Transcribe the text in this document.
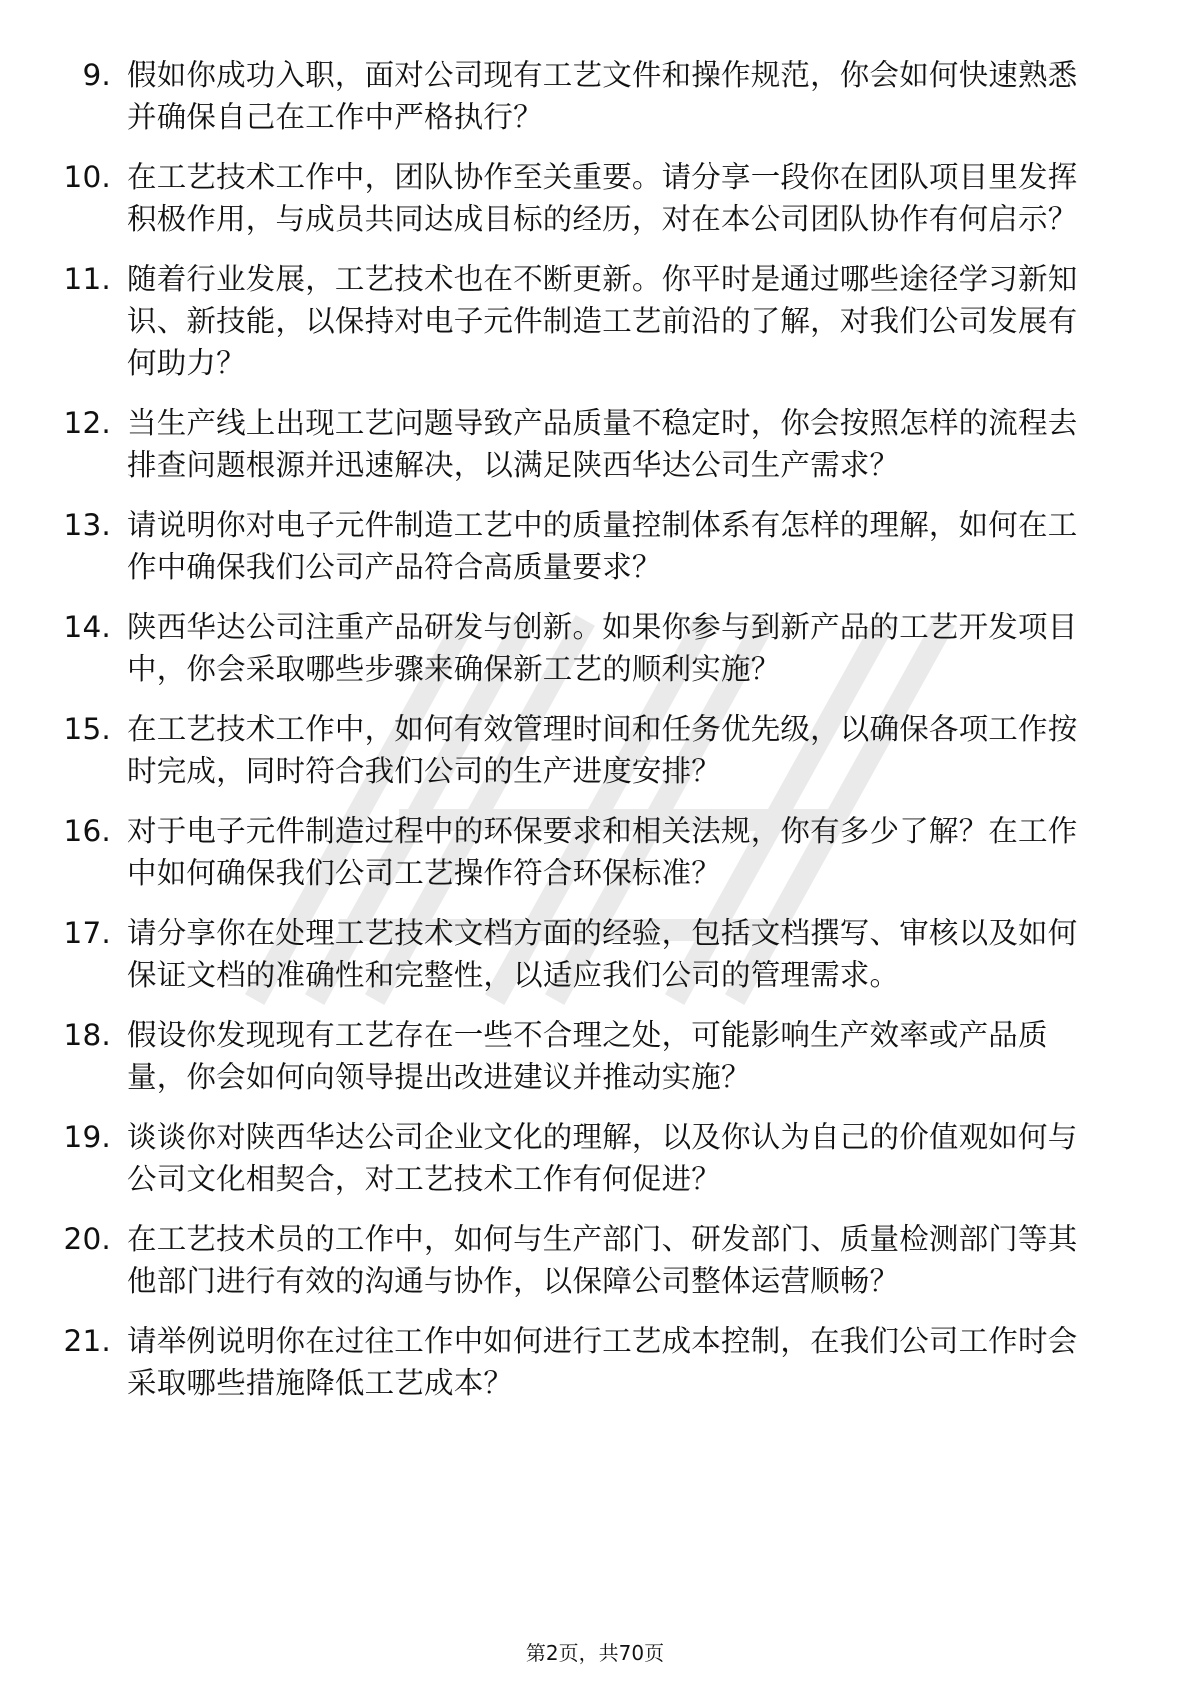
9. 假如你成功入职，面对公司现有工艺文件和操作规范，你会如何快速熟悉并确保自己在工作中严格执行？
10. 在工艺技术工作中，团队协作至关重要。请分享一段你在团队项目里发挥积极作用，与成员共同达成目标的经历，对在本公司团队协作有何启示？
11. 随着行业发展，工艺技术也在不断更新。你平时是通过哪些途径学习新知识、新技能，以保持对电子元件制造工艺前沿的了解，对我们公司发展有何助力？
12. 当生产线上出现工艺问题导致产品质量不稳定时，你会按照怎样的流程去排查问题根源并迅速解决，以满足陕西华达公司生产需求？
13. 请说明你对电子元件制造工艺中的质量控制体系有怎样的理解，如何在工作中确保我们公司产品符合高质量要求？
14. 陕西华达公司注重产品研发与创新。如果你参与到新产品的工艺开发项目中，你会采取哪些步骤来确保新工艺的顺利实施？
15. 在工艺技术工作中，如何有效管理时间和任务优先级，以确保各项工作按时完成，同时符合我们公司的生产进度安排？
16. 对于电子元件制造过程中的环保要求和相关法规，你有多少了解？在工作中如何确保我们公司工艺操作符合环保标准？
17. 请分享你在处理工艺技术文档方面的经验，包括文档撰写、审核以及如何保证文档的准确性和完整性，以适应我们公司的管理需求。
18. 假设你发现现有工艺存在一些不合理之处，可能影响生产效率或产品质量，你会如何向领导提出改进建议并推动实施？
19. 谈谈你对陕西华达公司企业文化的理解，以及你认为自己的价值观如何与公司文化相契合，对工艺技术工作有何促进？
20. 在工艺技术员的工作中，如何与生产部门、研发部门、质量检测部门等其他部门进行有效的沟通与协作，以保障公司整体运营顺畅？
21. 请举例说明你在过往工作中如何进行工艺成本控制，在我们公司工作时会采取哪些措施降低工艺成本？
第2页，共70页
